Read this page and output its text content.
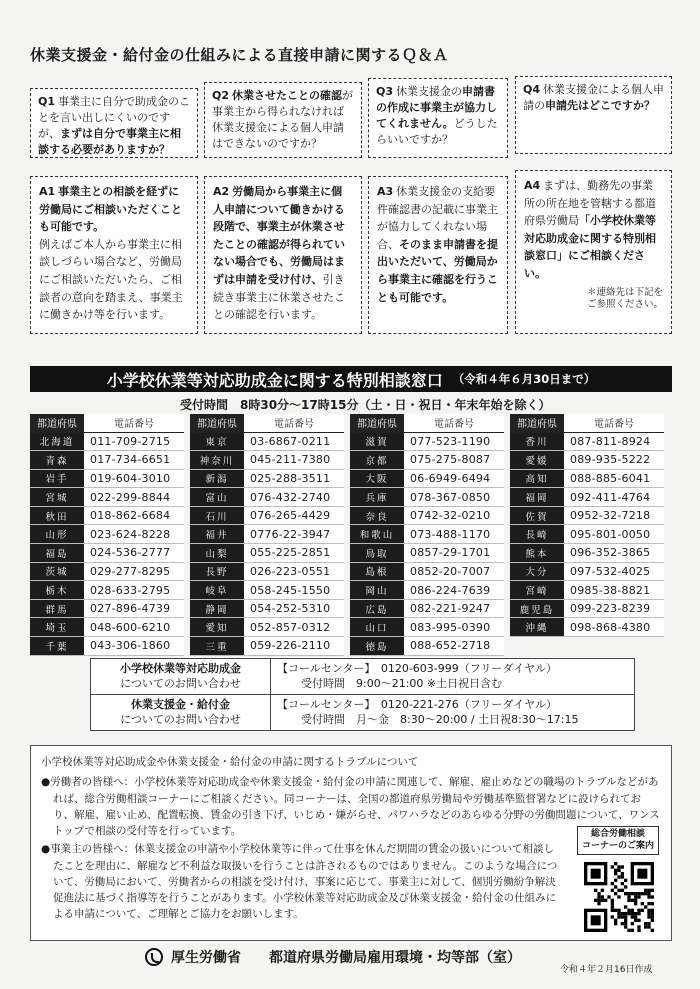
休業支援金・給付金の仕組みによる直接申請に関するＱ＆Ａ
Q1 事業主に自分で助成金のことを言い出しにくいのですが、まずは自分で事業主に相談する必要がありますか？
A1 事業主との相談を経ずに労働局にご相談いただくことも可能です。
例えばご本人から事業主に相談しづらい場合など、労働局にご相談いただいたら、ご相談者の意向を踏まえ、事業主に働きかけ等を行います。
Q2 休業させたことの確認が事業主から得られなければ休業支援金による個人申請はできないのですか？
A2 労働局から事業主に個人申請について働きかける段階で、事業主が休業させたことの確認が得られていない場合でも、労働局はまずは申請を受け付け、引き続き事業主に休業させたことの確認を行います。
Q3 休業支援金の申請書の作成に事業主が協力してくれません。どうしたらいいですか？
A3 休業支援金の支給要件確認書の記載に事業主が協力してくれない場合、そのまま申請書を提出いただいて、労働局から事業主に確認を行うことも可能です。
Q4 休業支援金による個人申請の申請先はどこですか？
A4 まずは、勤務先の事業所の所在地を管轄する都道府県労働局「小学校休業等対応助成金に関する特別相談窓口」にご相談ください。
＊連絡先は下記を
ご参照ください。
小学校休業等対応助成金に関する特別相談窓口 （令和４年６月30日まで）
受付時間　8時30分～17時15分（土・日・祝日・年末年始を除く）
都道府県	電話番号
北海道	011-709-2715
青森	017-734-6651
岩手	019-604-3010
宮城	022-299-8844
秋田	018-862-6684
山形	023-624-8228
福島	024-536-2777
茨城	029-277-8295
栃木	028-633-2795
群馬	027-896-4739
埼玉	048-600-6210
千葉	043-306-1860
都道府県	電話番号
東京	03-6867-0211
神奈川	045-211-7380
新潟	025-288-3511
富山	076-432-2740
石川	076-265-4429
福井	0776-22-3947
山梨	055-225-2851
長野	026-223-0551
岐阜	058-245-1550
静岡	054-252-5310
愛知	052-857-0312
三重	059-226-2110
都道府県	電話番号
滋賀	077-523-1190
京都	075-275-8087
大阪	06-6949-6494
兵庫	078-367-0850
奈良	0742-32-0210
和歌山	073-488-1170
鳥取	0857-29-1701
島根	0852-20-7007
岡山	086-224-7639
広島	082-221-9247
山口	083-995-0390
徳島	088-652-2718
都道府県	電話番号
香川	087-811-8924
愛媛	089-935-5222
高知	088-885-6041
福岡	092-411-4764
佐賀	0952-32-7218
長崎	095-801-0050
熊本	096-352-3865
大分	097-532-4025
宮崎	0985-38-8821
鹿児島	099-223-8239
沖縄	098-868-4380

小学校休業等対応助成金
についてのお問い合わせ	【コールセンター】　0120-603-999（フリーダイヤル）
受付時間　9:00～21:00 ※土日祝日含む
休業支援金・給付金
についてのお問い合わせ	【コールセンター】　0120-221-276（フリーダイヤル）
受付時間　月～金　8:30～20:00 / 土日祝8:30～17:15
小学校休業等対応助成金や休業支援金・給付金の申請に関するトラブルについて
●労働者の皆様へ：小学校休業等対応助成金や休業支援金・給付金の申請に関連して、解雇、雇止めなどの職場のトラブルなどがあれば、総合労働相談コーナーにご相談ください。同コーナーは、全国の都道府県労働局や労働基準監督署などに設けられており、解雇、雇い止め、配置転換、賃金の引き下げ、いじめ・嫌がらせ、パワハラなどのあらゆる分野の労働問題について、ワンストップで相談の受付等を行っています。
●事業主の皆様へ：休業支援金の申請や小学校休業等に伴って仕事を休んだ期間の賃金の扱いについて相談したことを理由に、解雇など不利益な取扱いを行うことは許されるものではありません。このような場合について、労働局において、労働者からの相談を受け付け、事案に応じて、事業主に対して、個別労働紛争解決促進法に基づく指導等を行うことがあります。小学校休業等対応助成金及び休業支援金・給付金の仕組みによる申請について、ご理解とご協力をお願いします。
総合労働相談
コーナーのご案内
厚生労働省 都道府県労働局雇用環境・均等部（室）
令和４年２月16日作成
